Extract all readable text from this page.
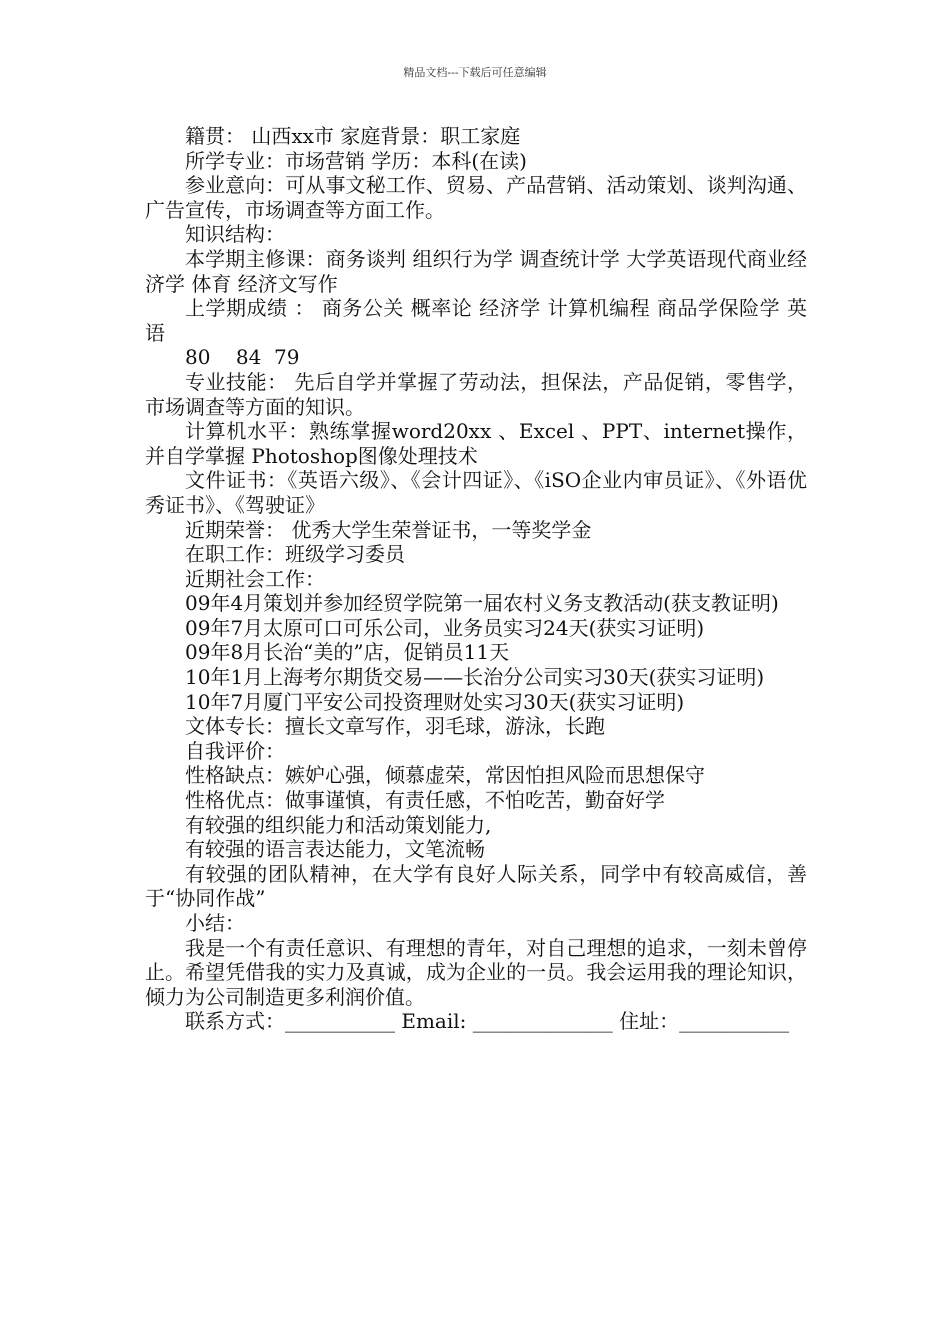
精品文档---下载后可任意编辑

籍贯： 山西xx市 家庭背景：职工家庭

所学专业：市场营销 学历：本科(在读)

参业意向：可从事文秘工作、贸易、产品营销、活动策划、谈判沟通、广告宣传，市场调查等方面工作。

知识结构：

本学期主修课：商务谈判 组织行为学 调查统计学 大学英语现代商业经济学 体育 经济文写作

上学期成绩 ： 商务公关 概率论 经济学 计算机编程 商品学保险学 英语

80    84  79

专业技能： 先后自学并掌握了劳动法，担保法，产品促销，零售学，市场调查等方面的知识。

计算机水平：熟练掌握word20xx 、Excel 、PPT、internet操作，并自学掌握 Photoshop图像处理技术

文件证书：《英语六级》、《会计四证》、《iSO企业内审员证》、《外语优秀证书》、《驾驶证》

近期荣誉： 优秀大学生荣誉证书，一等奖学金

在职工作：班级学习委员

近期社会工作：

09年4月策划并参加经贸学院第一届农村义务支教活动(获支教证明)

09年7月太原可口可乐公司，业务员实习24天(获实习证明)

09年8月长治“美的”店，促销员11天

10年1月上海考尔期货交易——长治分公司实习30天(获实习证明)

10年7月厦门平安公司投资理财处实习30天(获实习证明)

文体专长：擅长文章写作，羽毛球，游泳，长跑

自我评价：

性格缺点：嫉妒心强，倾慕虚荣，常因怕担风险而思想保守

性格优点：做事谨慎，有责任感，不怕吃苦，勤奋好学

有较强的组织能力和活动策划能力,

有较强的语言表达能力，文笔流畅

有较强的团队精神，在大学有良好人际关系，同学中有较高威信，善于“协同作战”

小结：

我是一个有责任意识、有理想的青年，对自己理想的追求，一刻未曾停止。希望凭借我的实力及真诚，成为企业的一员。我会运用我的理论知识，倾力为公司制造更多利润价值。

联系方式：___________ Email: ______________ 住址：___________
